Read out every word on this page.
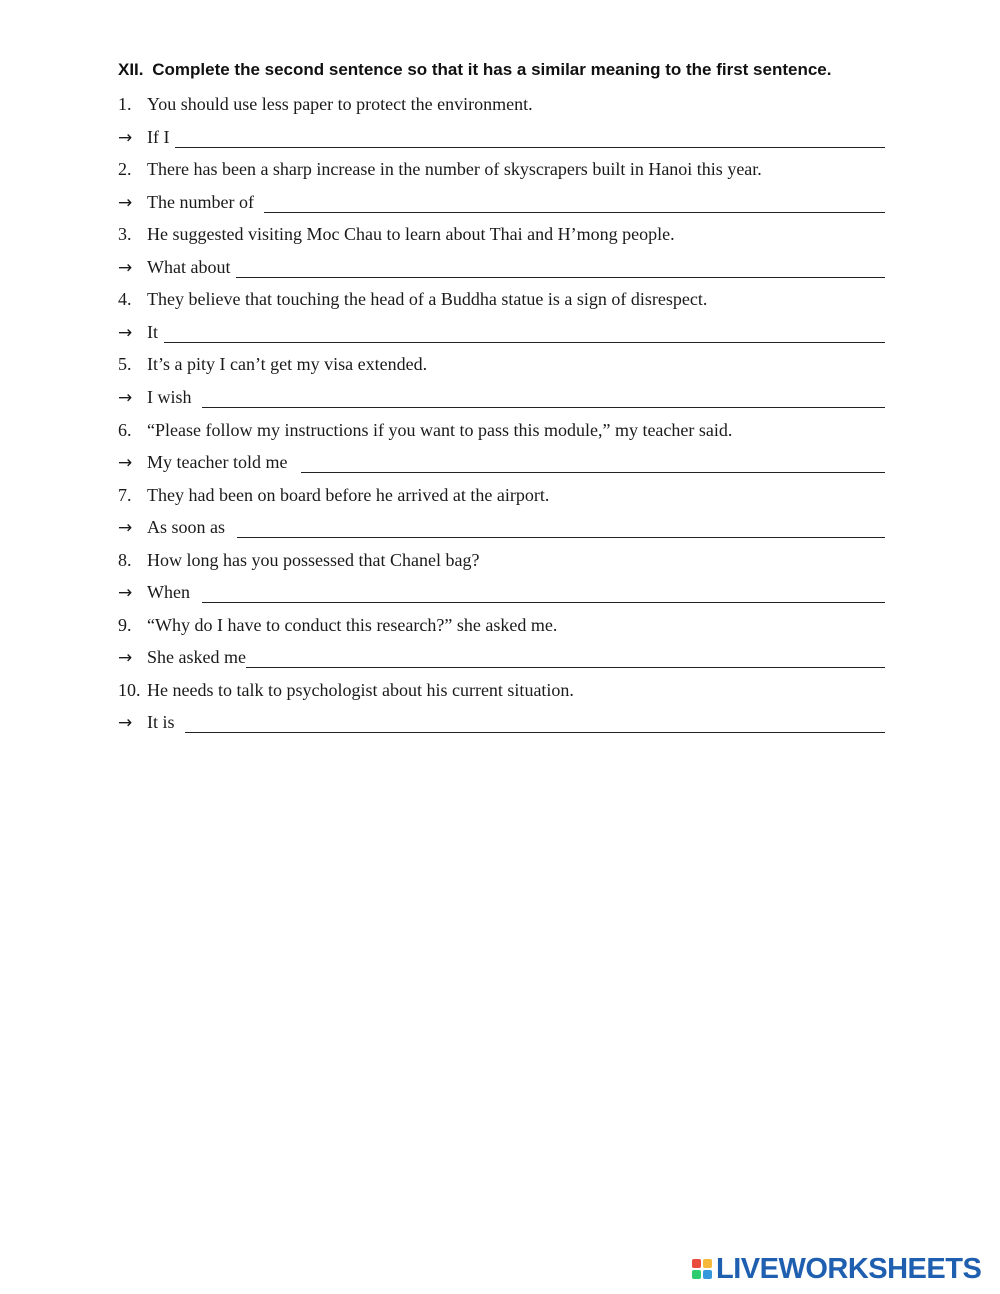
XII. Complete the second sentence so that it has a similar meaning to the first sentence.
1. You should use less paper to protect the environment.
→ If I
2. There has been a sharp increase in the number of skyscrapers built in Hanoi this year.
→ The number of
3. He suggested visiting Moc Chau to learn about Thai and H’mong people.
→ What about
4. They believe that touching the head of a Buddha statue is a sign of disrespect.
→ It
5. It’s a pity I can’t get my visa extended.
→ I wish
6. “Please follow my instructions if you want to pass this module,” my teacher said.
→ My teacher told me
7. They had been on board before he arrived at the airport.
→ As soon as
8. How long has you possessed that Chanel bag?
→ When
9. “Why do I have to conduct this research?” she asked me.
→ She asked me
10. He needs to talk to psychologist about his current situation.
→ It is
LIVEWORKSHEETS
